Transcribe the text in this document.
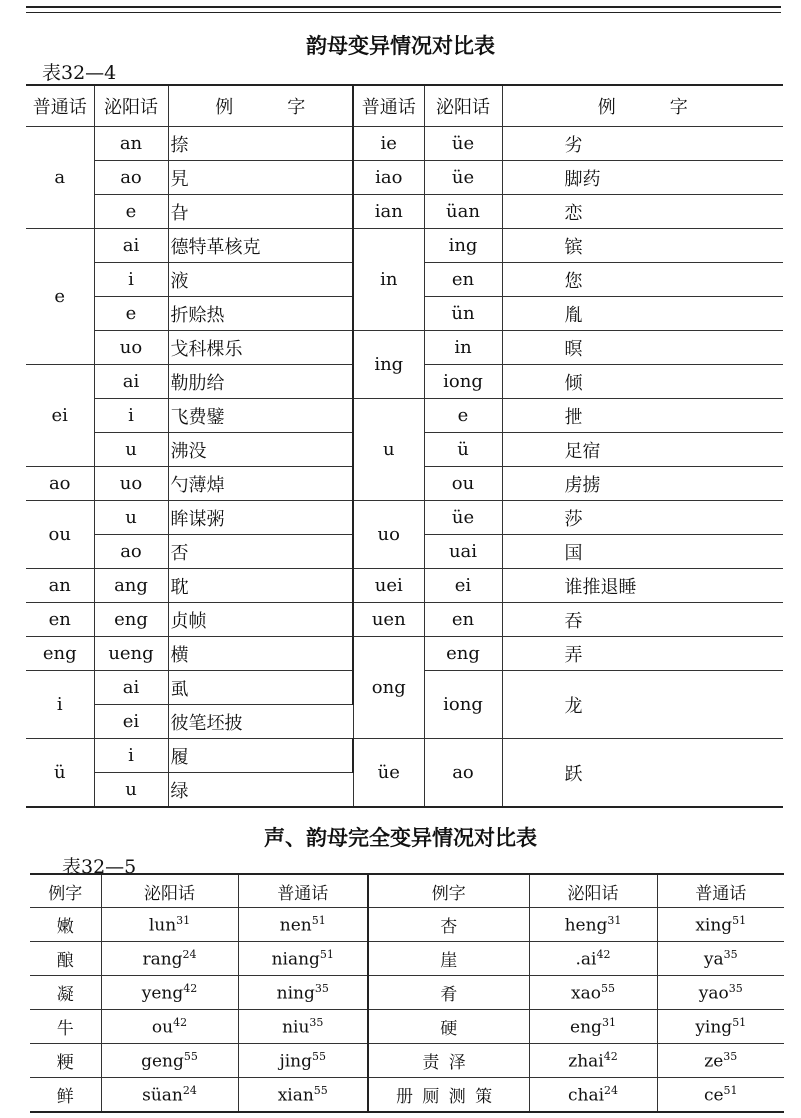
韵母变异情况对比表
表32—4
普通话	泌阳话	例　　　字	普通话	泌阳话	例　　　字
a	an	捺	ie	üe	劣
	ao	旯	iao	üe	脚药
	e	旮	ian	üan	恋
e	ai	德特革核克	in	ing	镔
	i	液		en	您
	e	折赊热		ün	胤
	uo	戈科棵乐	ing	in	暝
ei	ai	勒肋给		iong	倾
	i	飞费鐾	u	e	抴
	u	沸没		ü	足宿
ao	uo	勺薄焯		ou	虏掳
ou	u	眸谋粥	uo	üe	莎
	ao	否		uai	国
an	ang	耽	uei	ei	谁推退睡
en	eng	贞帧	uen	en	吞
eng	ueng	横	ong	eng	弄
i	ai	虱		iong	龙
	ei	彼笔坯披			
ü	i	履	üe	ao	跃
	u	绿			
声、韵母完全变异情况对比表
表32—5
例字	泌阳话	普通话	例字	泌阳话	普通话
嫩	lun$^{31}$	nen$^{51}$	杏	heng$^{31}$	xing$^{51}$
酿	rang$^{24}$	niang$^{51}$	崖	$.ai^{42}$	$ya^{35}$
凝	yeng$^{42}$	ning$^{35}$	肴	xao$^{55}$	yao$^{35}$
牛	$ou^{42}$	niu$^{35}$	硬	eng$^{31}$	ying$^{51}$
粳	geng$^{55}$	jing$^{55}$	责泽	zhai$^{42}$	$ze^{35}$
鲜	süan$^{24}$	xian$^{55}$	册厕测策	chai$^{24}$	$ce^{51}$
